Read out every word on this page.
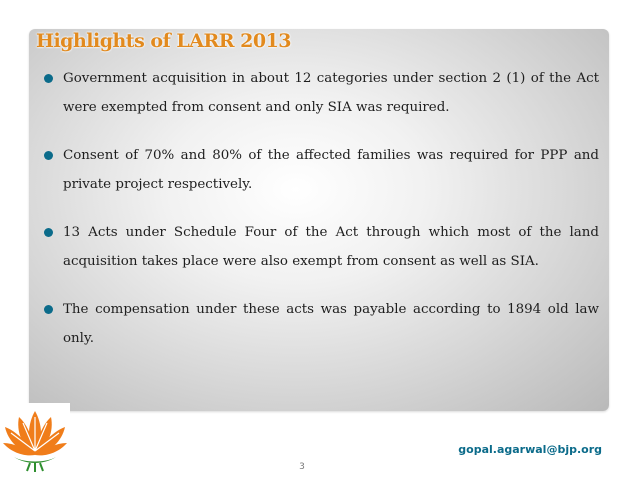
Highlights of LARR 2013
Government acquisition in about 12 categories under section 2 (1) of the Act were exempted from consent and only SIA was required.
Consent of 70% and 80% of the affected families was required for PPP and private project respectively.
13 Acts under Schedule Four of the Act through which most of the land acquisition takes place were also exempt from consent as well as SIA.
The compensation under these acts was payable according to 1894 old law only.
gopal.agarwal@bjp.org
3
